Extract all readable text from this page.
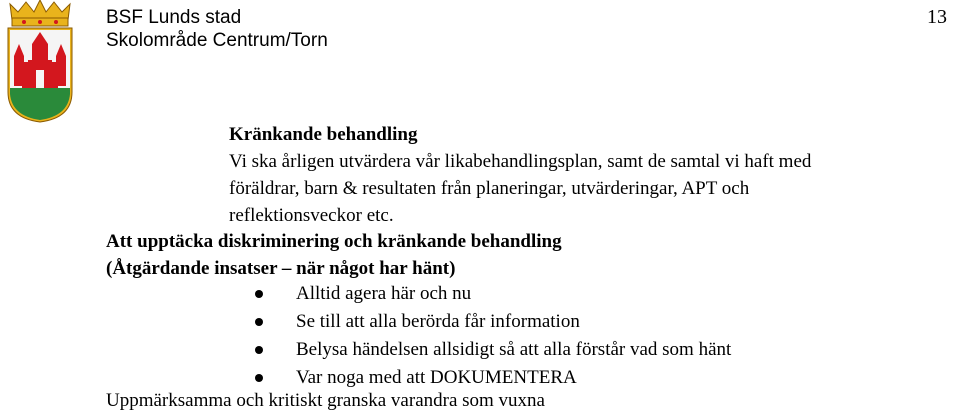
BSF Lunds stad
Skolområde Centrum/Torn
13
Kränkande behandling
Vi ska årligen utvärdera vår likabehandlingsplan, samt de samtal vi haft med
föräldrar, barn & resultaten från planeringar, utvärderingar, APT och
reflektionsveckor etc.
Att upptäcka diskriminering och kränkande behandling
(Åtgärdande insatser – när något har hänt)
Alltid agera här och nu
Se till att alla berörda får information
Belysa händelsen allsidigt så att alla förstår vad som hänt
Var noga med att DOKUMENTERA
Uppmärksamma och kritiskt granska varandra som vuxna
